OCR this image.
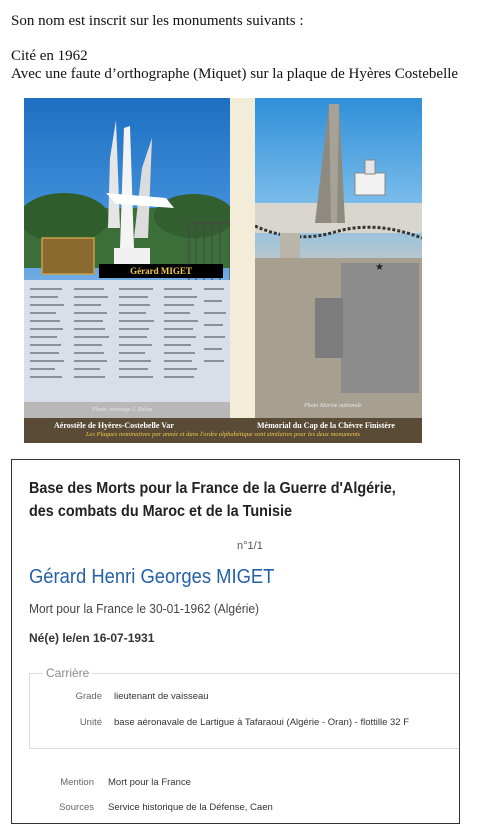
Son nom est inscrit sur les monuments suivants :

Cité en 1962

Avec une faute d’orthographe (Miquet) sur la plaque de Hyères Costebelle

Gérard MIGET
Photo: montage J. Balon
★
Photo Marine nationale
Aérostèle de Hyères-Costebelle Var	Mémorial du Cap de la Chèvre Finistère
Les Plaques nominatives par année et dans l'ordre alphabétique sont similaires pour les deux monuments
Base des Morts pour la France de la Guerre d'Algérie, des combats du Maroc et de la Tunisie
n°1/1
Gérard Henri Georges MIGET
Mort pour la France le 30-01-1962 (Algérie)
Né(e) le/en 16-07-1931
Carrière
Grade lieutenant de vaisseau
Unité base aéronavale de Lartigue à Tafaraoui (Algérie - Oran) - flottille 32 F
Mention Mort pour la France
Sources Service historique de la Défense, Caen
